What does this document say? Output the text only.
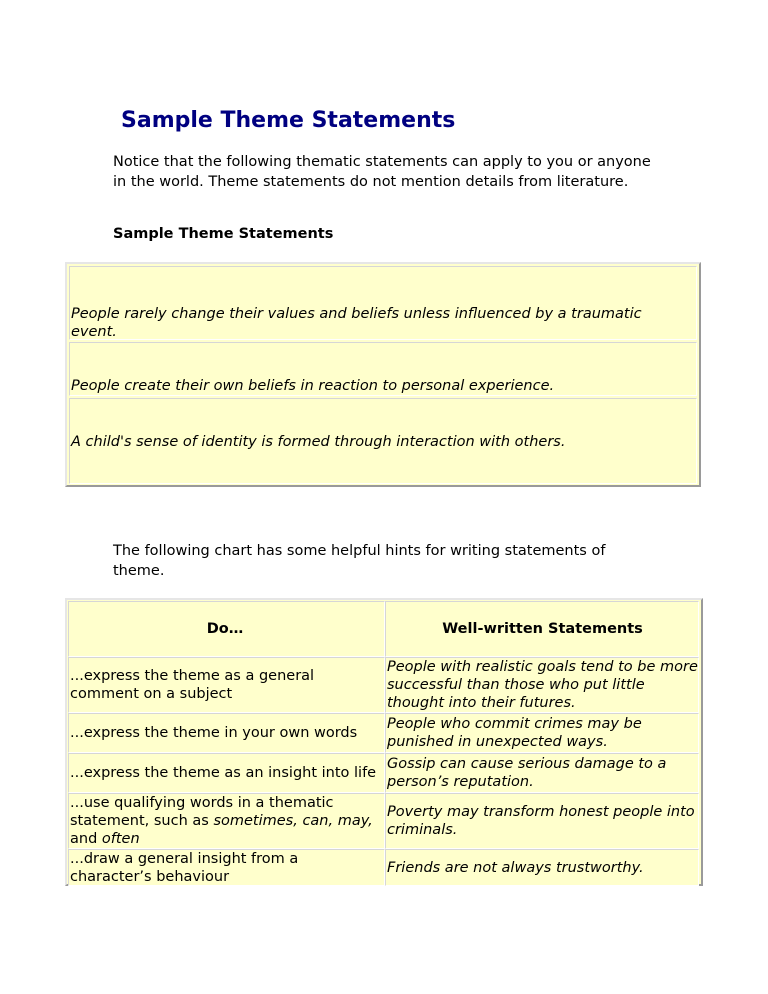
Sample Theme Statements

Notice that the following thematic statements can apply to you or anyone in the world. Theme statements do not mention details from literature.

Sample Theme Statements

People rarely change their values and beliefs unless influenced by a traumatic event.
People create their own beliefs in reaction to personal experience.
A child's sense of identity is formed through interaction with others.

The following chart has some helpful hints for writing statements of theme.

Do…	Well-written Statements
...express the theme as a general comment on a subject
People with realistic goals tend to be more successful than those who put little thought into their futures.
...express the theme in your own words
People who commit crimes may be punished in unexpected ways.
...express the theme as an insight into life
Gossip can cause serious damage to a person’s reputation.
...use qualifying words in a thematic statement, such as sometimes, can, may, and often
Poverty may transform honest people into criminals.
...draw a general insight from a character’s behaviour
Friends are not always trustworthy.
